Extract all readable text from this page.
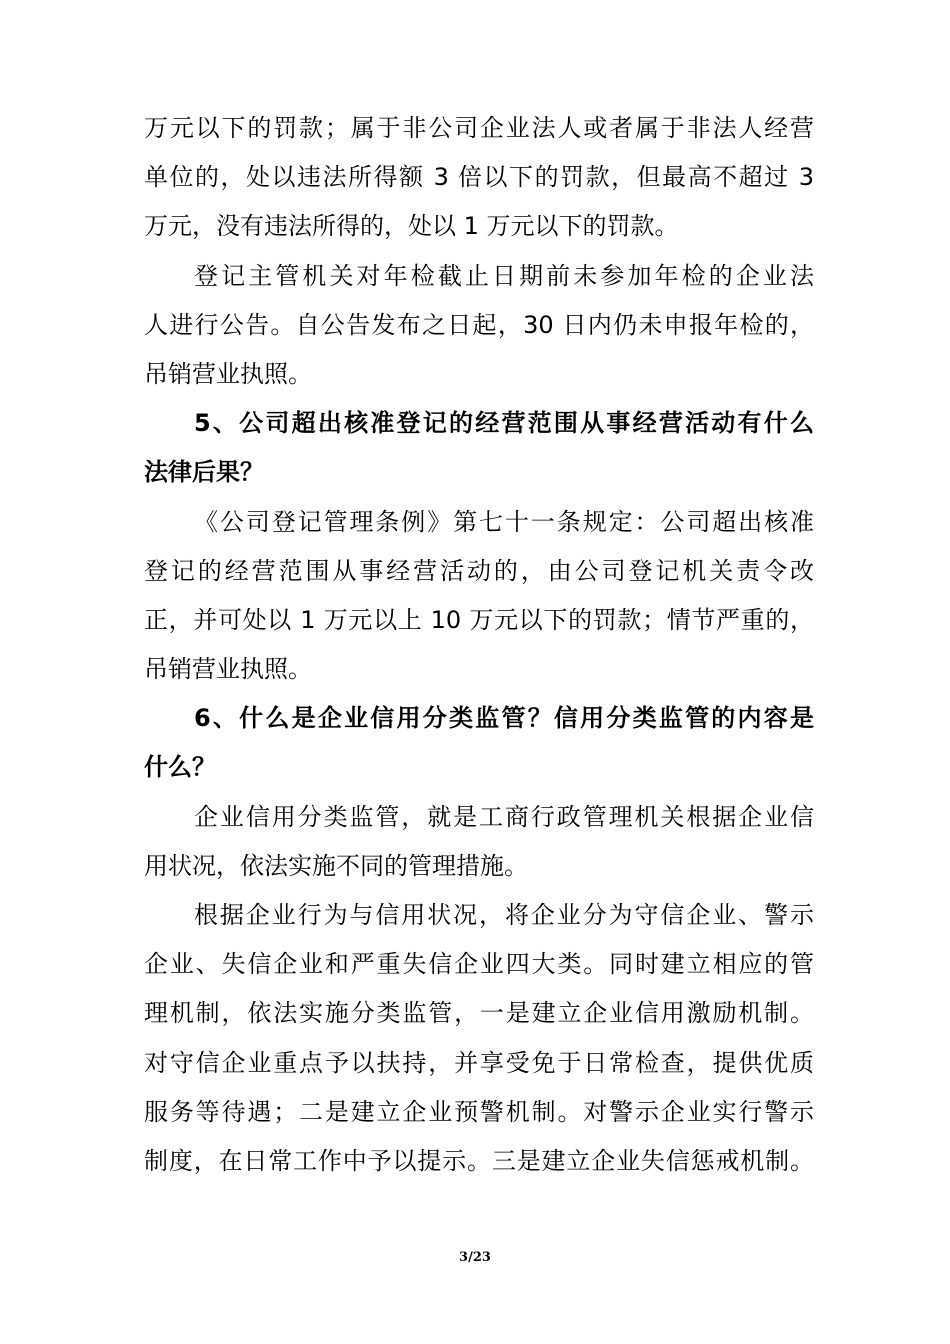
万元以下的罚款；属于非公司企业法人或者属于非法人经营
单位的，处以违法所得额 3 倍以下的罚款，但最高不超过 3
万元，没有违法所得的，处以 1 万元以下的罚款。
登记主管机关对年检截止日期前未参加年检的企业法
人进行公告。自公告发布之日起，30 日内仍未申报年检的，
吊销营业执照。
5、公司超出核准登记的经营范围从事经营活动有什么
法律后果？
《公司登记管理条例》第七十一条规定：公司超出核准
登记的经营范围从事经营活动的，由公司登记机关责令改
正，并可处以 1 万元以上 10 万元以下的罚款；情节严重的，
吊销营业执照。
6、什么是企业信用分类监管？信用分类监管的内容是
什么？
企业信用分类监管，就是工商行政管理机关根据企业信
用状况，依法实施不同的管理措施。
根据企业行为与信用状况，将企业分为守信企业、警示
企业、失信企业和严重失信企业四大类。同时建立相应的管
理机制，依法实施分类监管，一是建立企业信用激励机制。
对守信企业重点予以扶持，并享受免于日常检查，提供优质
服务等待遇；二是建立企业预警机制。对警示企业实行警示
制度，在日常工作中予以提示。三是建立企业失信惩戒机制。
3/23
